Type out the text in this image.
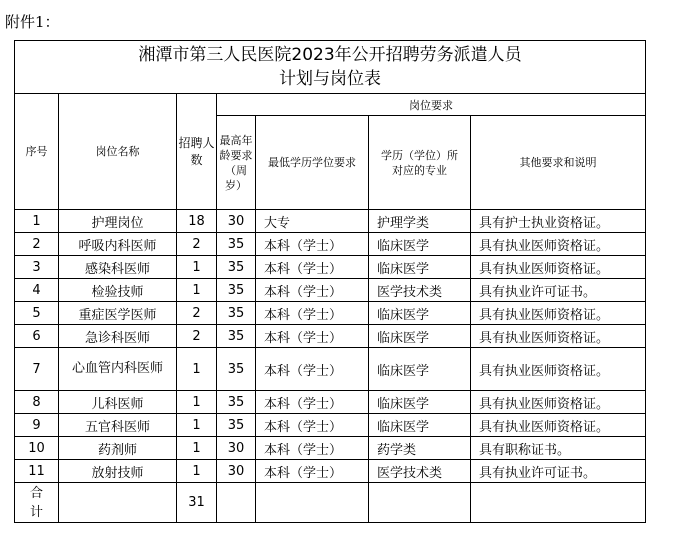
附件1：
湘潭市第三人民医院2023年公开招聘劳务派遣人员
计划与岗位表						

序号	岗位名称	招聘人数	岗位要求			
			最高年龄要求（周岁）	最低学历学位要求	学历（学位）所对应的专业	其他要求和说明
1	护理岗位	18	30	大专	护理学类	具有护士执业资格证。
2	呼吸内科医师	2	35	本科（学士）	临床医学	具有执业医师资格证。
3	感染科医师	1	35	本科（学士）	临床医学	具有执业医师资格证。
4	检验技师	1	35	本科（学士）	医学技术类	具有执业许可证书。
5	重症医学医师	2	35	本科（学士）	临床医学	具有执业医师资格证。
6	急诊科医师	2	35	本科（学士）	临床医学	具有执业医师资格证。
7	心血管内科医师	1	35	本科（学士）	临床医学	具有执业医师资格证。
8	儿科医师	1	35	本科（学士）	临床医学	具有执业医师资格证。
9	五官科医师	1	35	本科（学士）	临床医学	具有执业医师资格证。
10	药剂师	1	30	本科（学士）	药学类	具有职称证书。
11	放射技师	1	30	本科（学士）	医学技术类	具有执业许可证书。
合计		31				
